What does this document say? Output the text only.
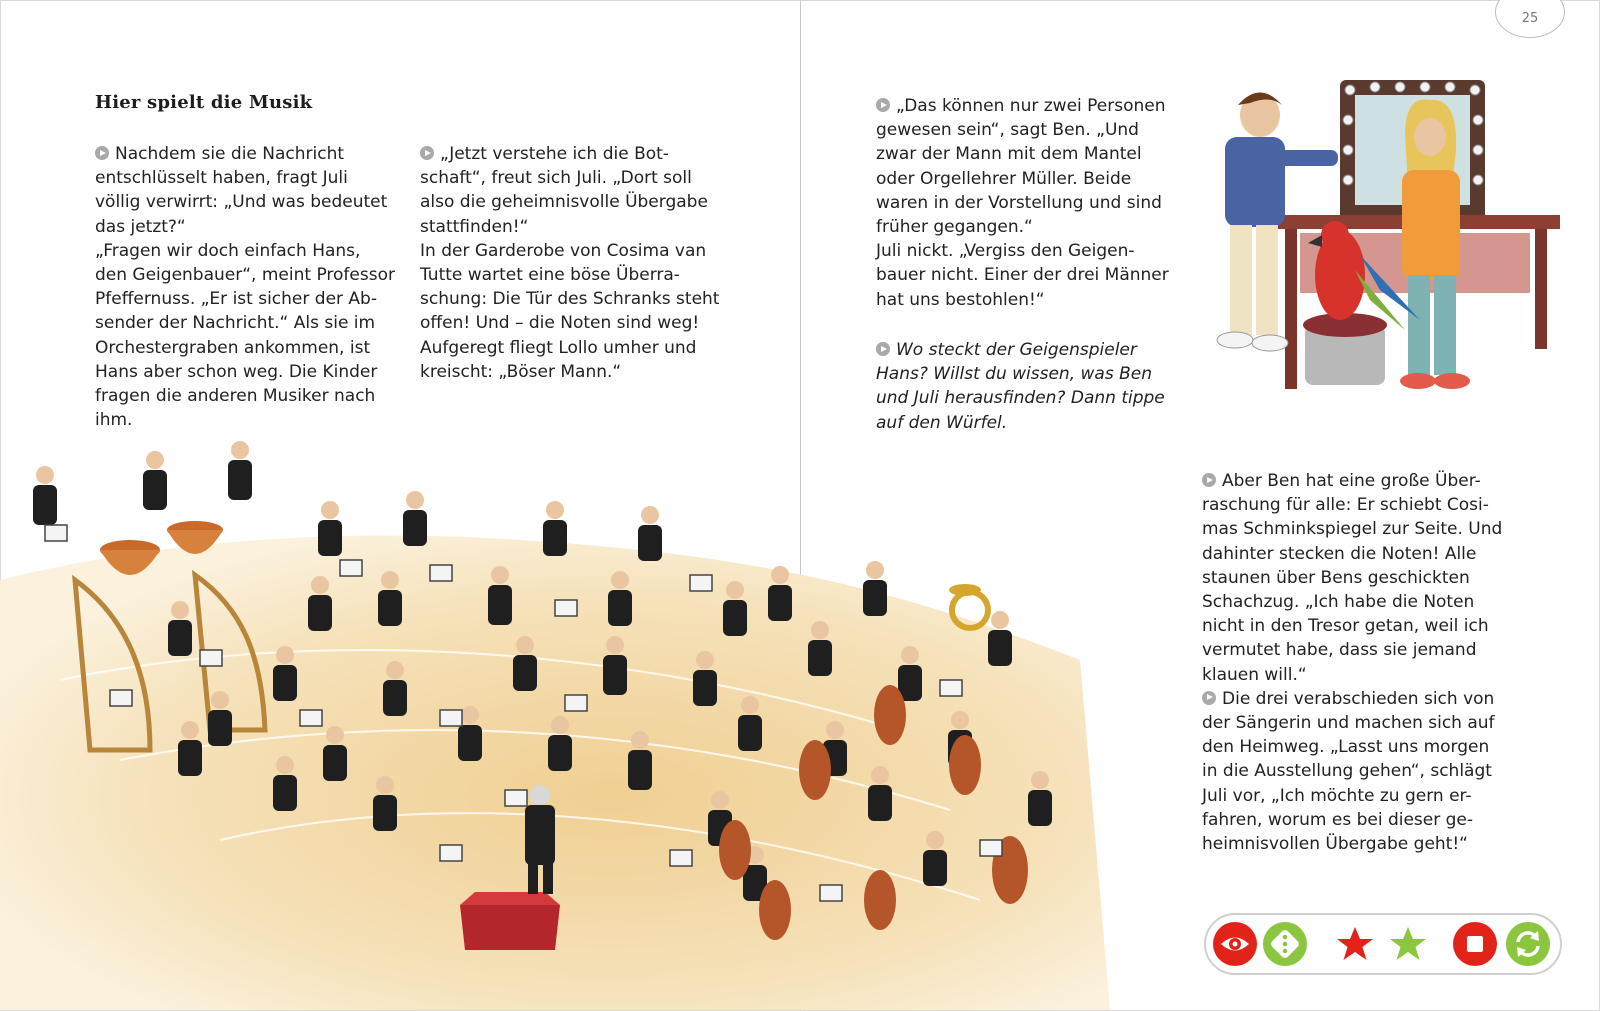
25
Hier spielt die Musik
Nachdem sie die Nachricht
entschlüsselt haben, fragt Juli
völlig verwirrt: „Und was bedeutet
das jetzt?“
„Fragen wir doch einfach Hans,
den Geigenbauer“, meint Professor
Pfeffernuss. „Er ist sicher der Ab-
sender der Nachricht.“ Als sie im
Orchestergraben ankommen, ist
Hans aber schon weg. Die Kinder
fragen die anderen Musiker nach
ihm.
„Jetzt verstehe ich die Bot-
schaft“, freut sich Juli. „Dort soll
also die geheimnisvolle Übergabe
stattfinden!“
In der Garderobe von Cosima van
Tutte wartet eine böse Überra-
schung: Die Tür des Schranks steht
offen! Und – die Noten sind weg!
Aufgeregt fliegt Lollo umher und
kreischt: „Böser Mann.“
„Das können nur zwei Personen
gewesen sein“, sagt Ben. „Und
zwar der Mann mit dem Mantel
oder Orgellehrer Müller. Beide
waren in der Vorstellung und sind
früher gegangen.“
Juli nickt. „Vergiss den Geigen-
bauer nicht. Einer der drei Männer
hat uns bestohlen!“
Wo steckt der Geigenspieler
Hans? Willst du wissen, was Ben
und Juli herausfinden? Dann tippe
auf den Würfel.
Aber Ben hat eine große Über-
raschung für alle: Er schiebt Cosi-
mas Schminkspiegel zur Seite. Und
dahinter stecken die Noten! Alle
staunen über Bens geschickten
Schachzug. „Ich habe die Noten
nicht in den Tresor getan, weil ich
vermutet habe, dass sie jemand
klauen will.“
Die drei verabschieden sich von
der Sängerin und machen sich auf
den Heimweg. „Lasst uns morgen
in die Ausstellung gehen“, schlägt
Juli vor, „Ich möchte zu gern er-
fahren, worum es bei dieser ge-
heimnisvollen Übergabe geht!“
